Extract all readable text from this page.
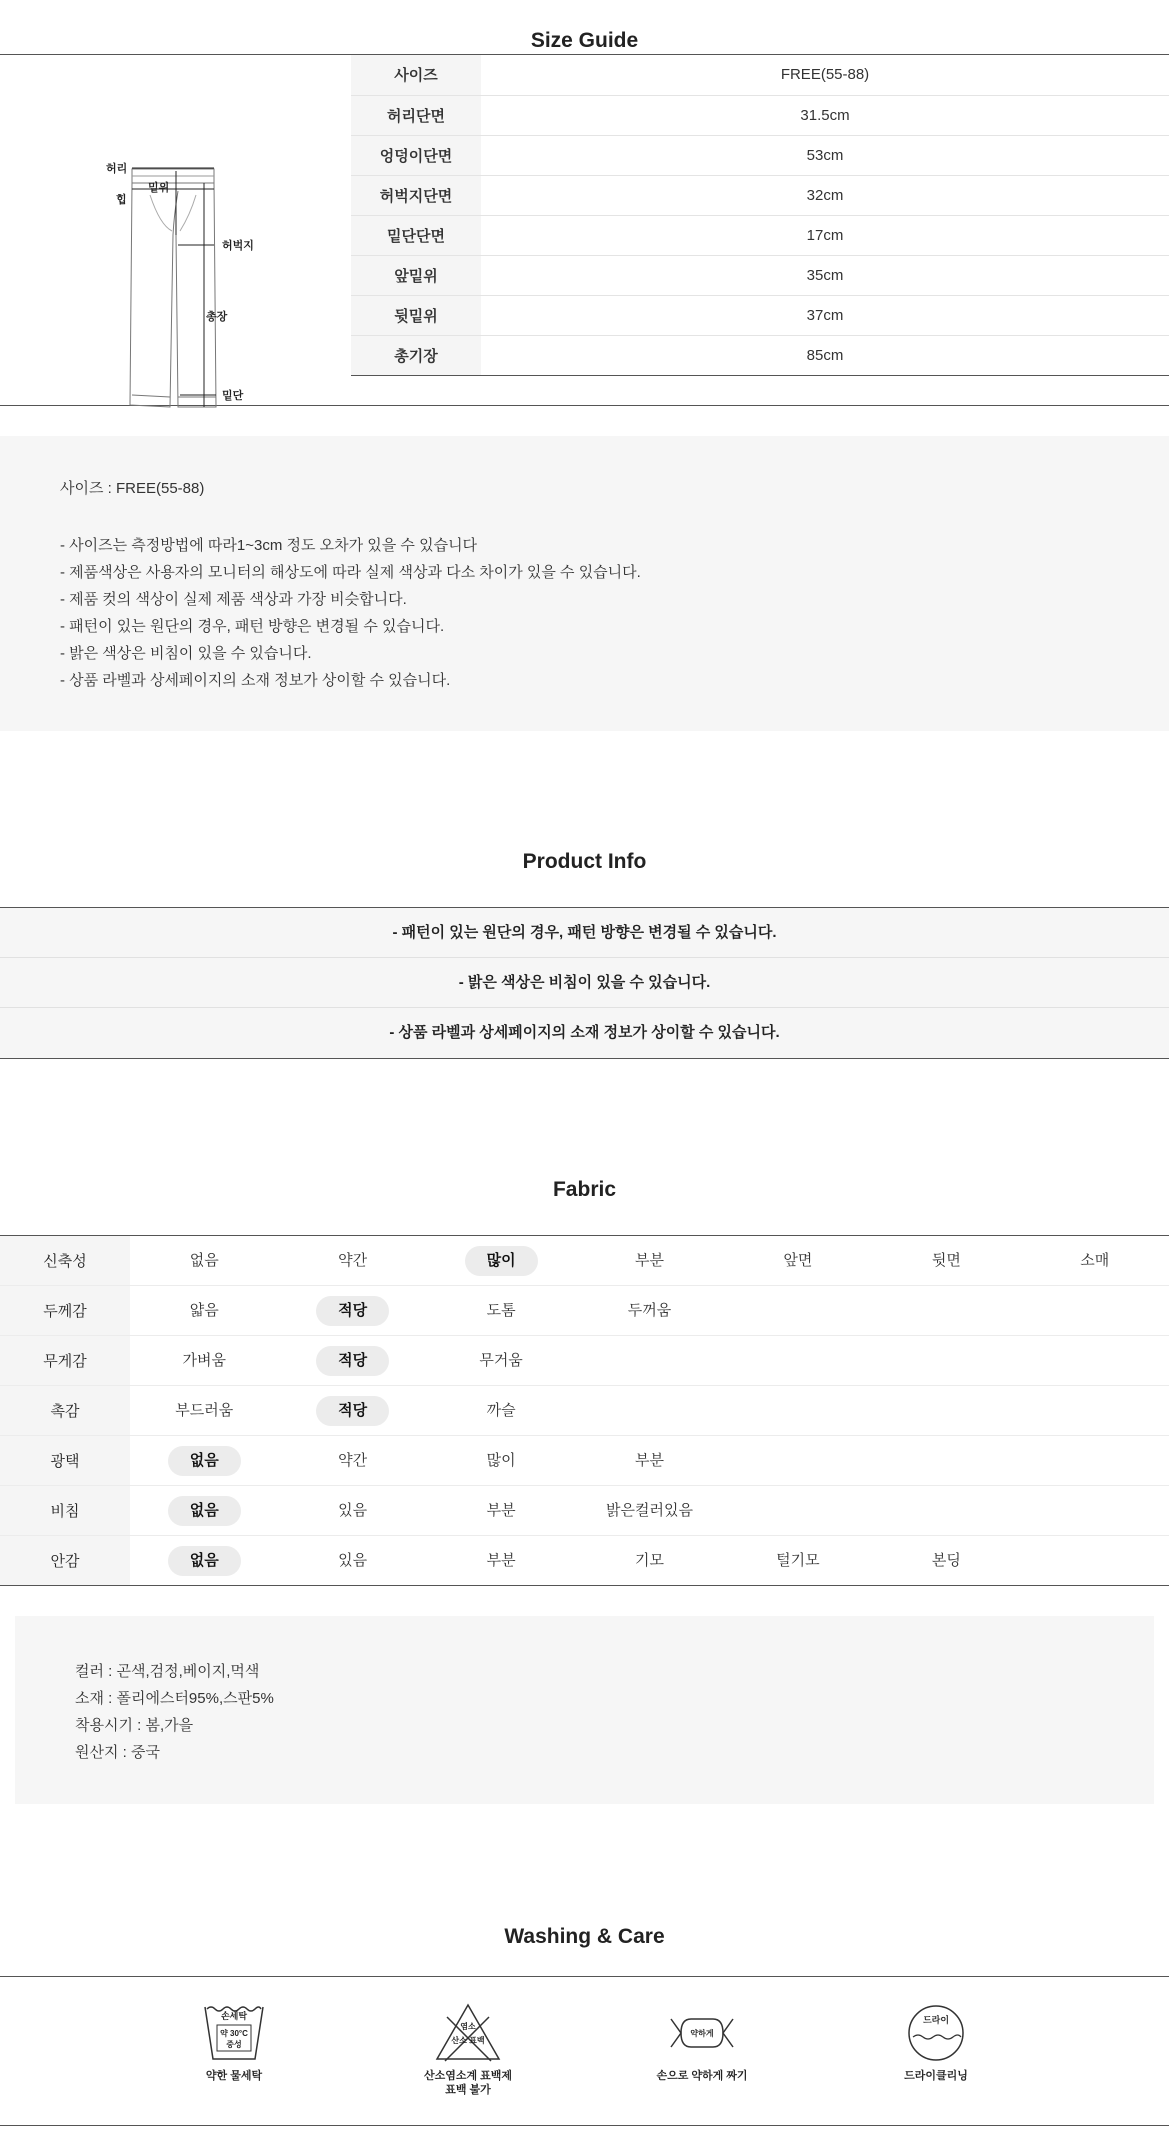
Size Guide
허리
밑위
힙
허벅지
총장
밑단
사이즈	FREE(55-88)
허리단면	31.5cm
엉덩이단면	53cm
허벅지단면	32cm
밑단단면	17cm
앞밑위	35cm
뒷밑위	37cm
총기장	85cm
사이즈 : FREE(55-88)
- 사이즈는 측정방법에 따라1~3cm 정도 오차가 있을 수 있습니다
- 제품색상은 사용자의 모니터의 해상도에 따라 실제 색상과 다소 차이가 있을 수 있습니다.
- 제품 컷의 색상이 실제 제품 색상과 가장 비슷합니다.
- 패턴이 있는 원단의 경우, 패턴 방향은 변경될 수 있습니다.
- 밝은 색상은 비침이 있을 수 있습니다.
- 상품 라벨과 상세페이지의 소재 정보가 상이할 수 있습니다.
Product Info
- 패턴이 있는 원단의 경우, 패턴 방향은 변경될 수 있습니다.
- 밝은 색상은 비침이 있을 수 있습니다.
- 상품 라벨과 상세페이지의 소재 정보가 상이할 수 있습니다.
Fabric
신축성	없음	약간	많이	부분	앞면	뒷면	소매
두께감	얇음	적당	도톰	두꺼움			
무게감	가벼움	적당	무거움				
촉감	부드러움	적당	까슬				
광택	없음	약간	많이	부분			
비침	없음	있음	부분	밝은컬러있음			
안감	없음	있음	부분	기모	털기모	본딩	
컬러 : 곤색,검정,베이지,먹색
소재 : 폴리에스터95%,스판5%
착용시기 : 봄,가을
원산지 : 중국
Washing & Care
손세탁
약 30°C
중성
약한 물세탁
염소
산소 표백
산소염소계 표백제
표백 불가
약하게
손으로 약하게 짜기
드라이
드라이클리닝
